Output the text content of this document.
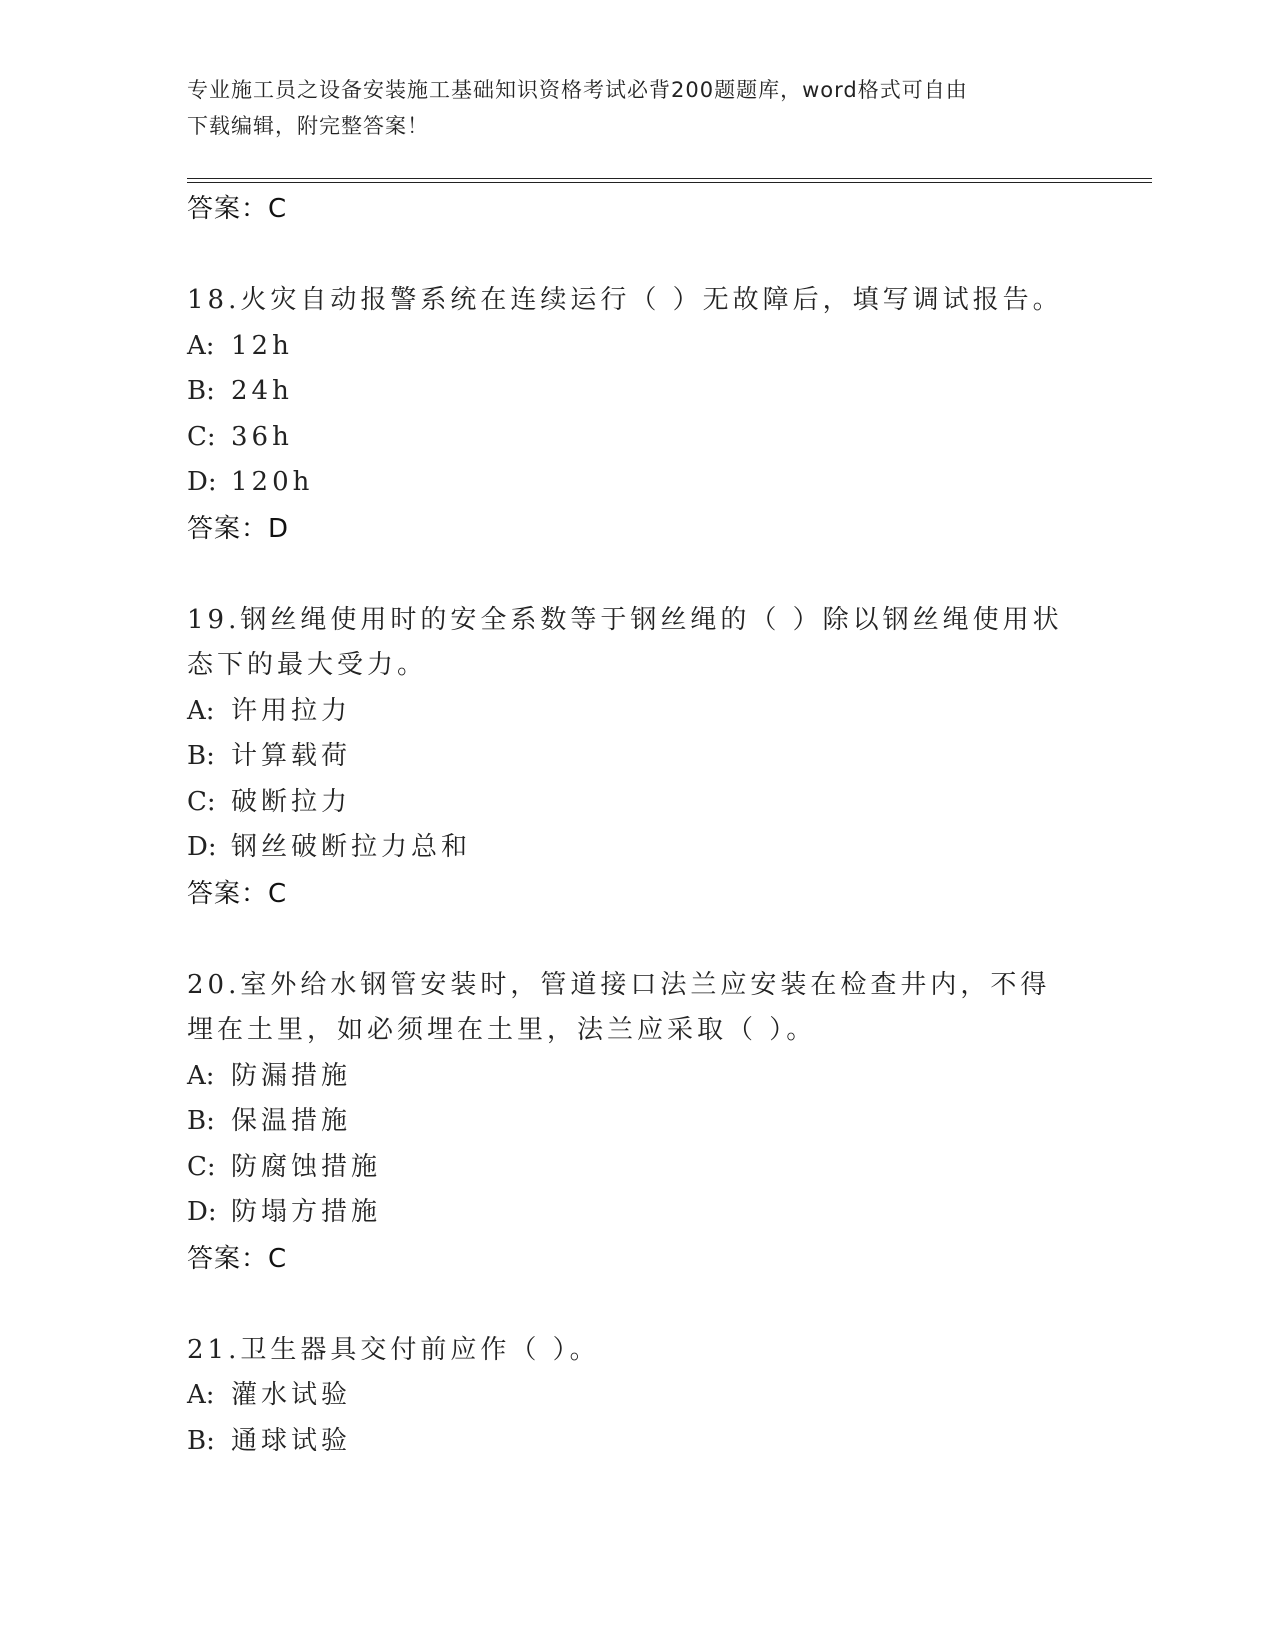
专业施工员之设备安装施工基础知识资格考试必背200题题库，word格式可自由
下载编辑，附完整答案！
答案：C
18.火灾自动报警系统在连续运行（ ）无故障后，填写调试报告。
A: 12h
B: 24h
C: 36h
D: 120h
答案：D
19.钢丝绳使用时的安全系数等于钢丝绳的（ ）除以钢丝绳使用状态下的最大受力。
A: 许用拉力
B: 计算载荷
C: 破断拉力
D: 钢丝破断拉力总和
答案：C
20.室外给水钢管安装时，管道接口法兰应安装在检查井内，不得埋在土里，如必须埋在土里，法兰应采取（ ）。
A: 防漏措施
B: 保温措施
C: 防腐蚀措施
D: 防塌方措施
答案：C
21.卫生器具交付前应作（ ）。
A: 灌水试验
B: 通球试验
